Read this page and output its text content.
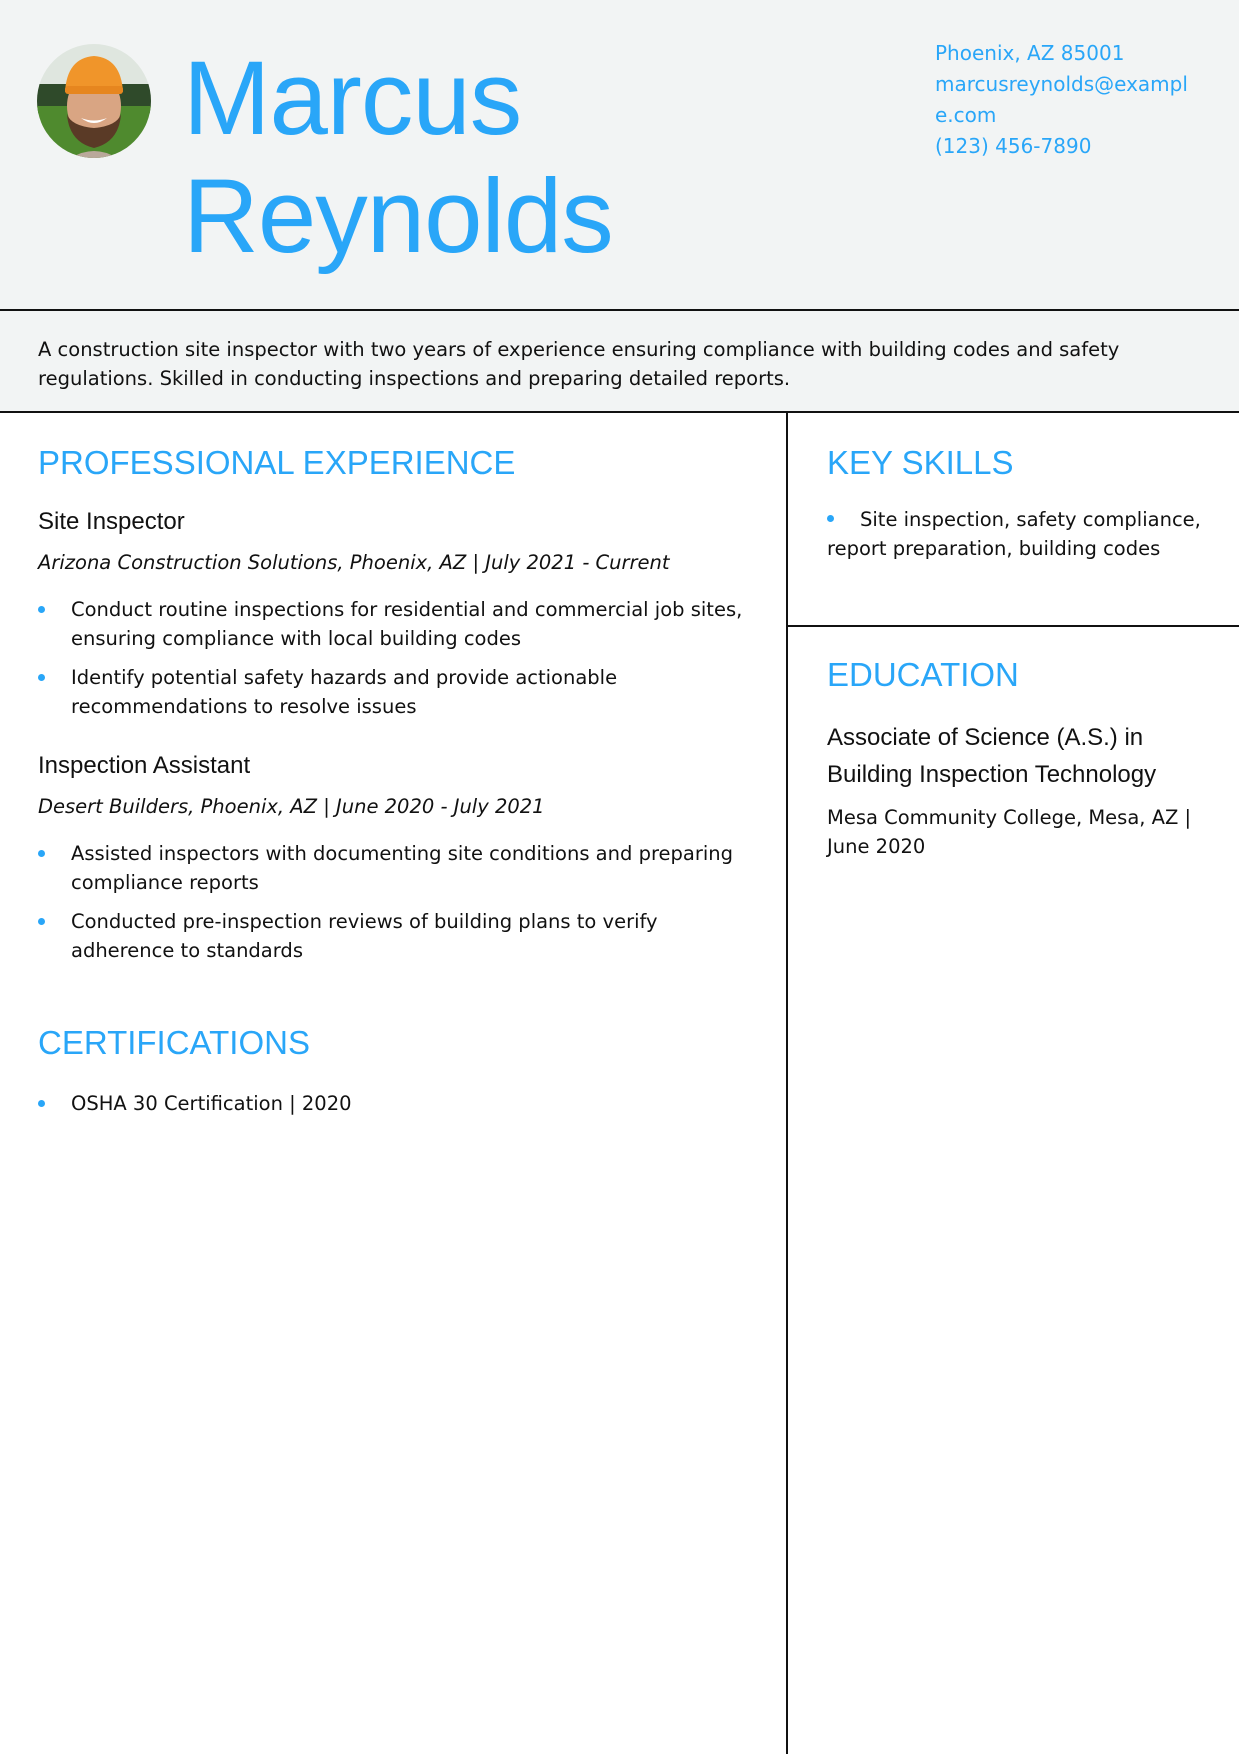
Marcus
Reynolds
Phoenix, AZ 85001
marcusreynolds@example.com
(123) 456-7890
A construction site inspector with two years of experience ensuring compliance with building codes and safety regulations. Skilled in conducting inspections and preparing detailed reports.
PROFESSIONAL EXPERIENCE
Site Inspector
Arizona Construction Solutions, Phoenix, AZ | July 2021 - Current
Conduct routine inspections for residential and commercial job sites, ensuring compliance with local building codes
Identify potential safety hazards and provide actionable recommendations to resolve issues
Inspection Assistant
Desert Builders, Phoenix, AZ | June 2020 - July 2021
Assisted inspectors with documenting site conditions and preparing compliance reports
Conducted pre-inspection reviews of building plans to verify adherence to standards
CERTIFICATIONS
OSHA 30 Certification | 2020
KEY SKILLS
Site inspection, safety compliance, report preparation, building codes
EDUCATION
Associate of Science (A.S.) in Building Inspection Technology
Mesa Community College, Mesa, AZ | June 2020
